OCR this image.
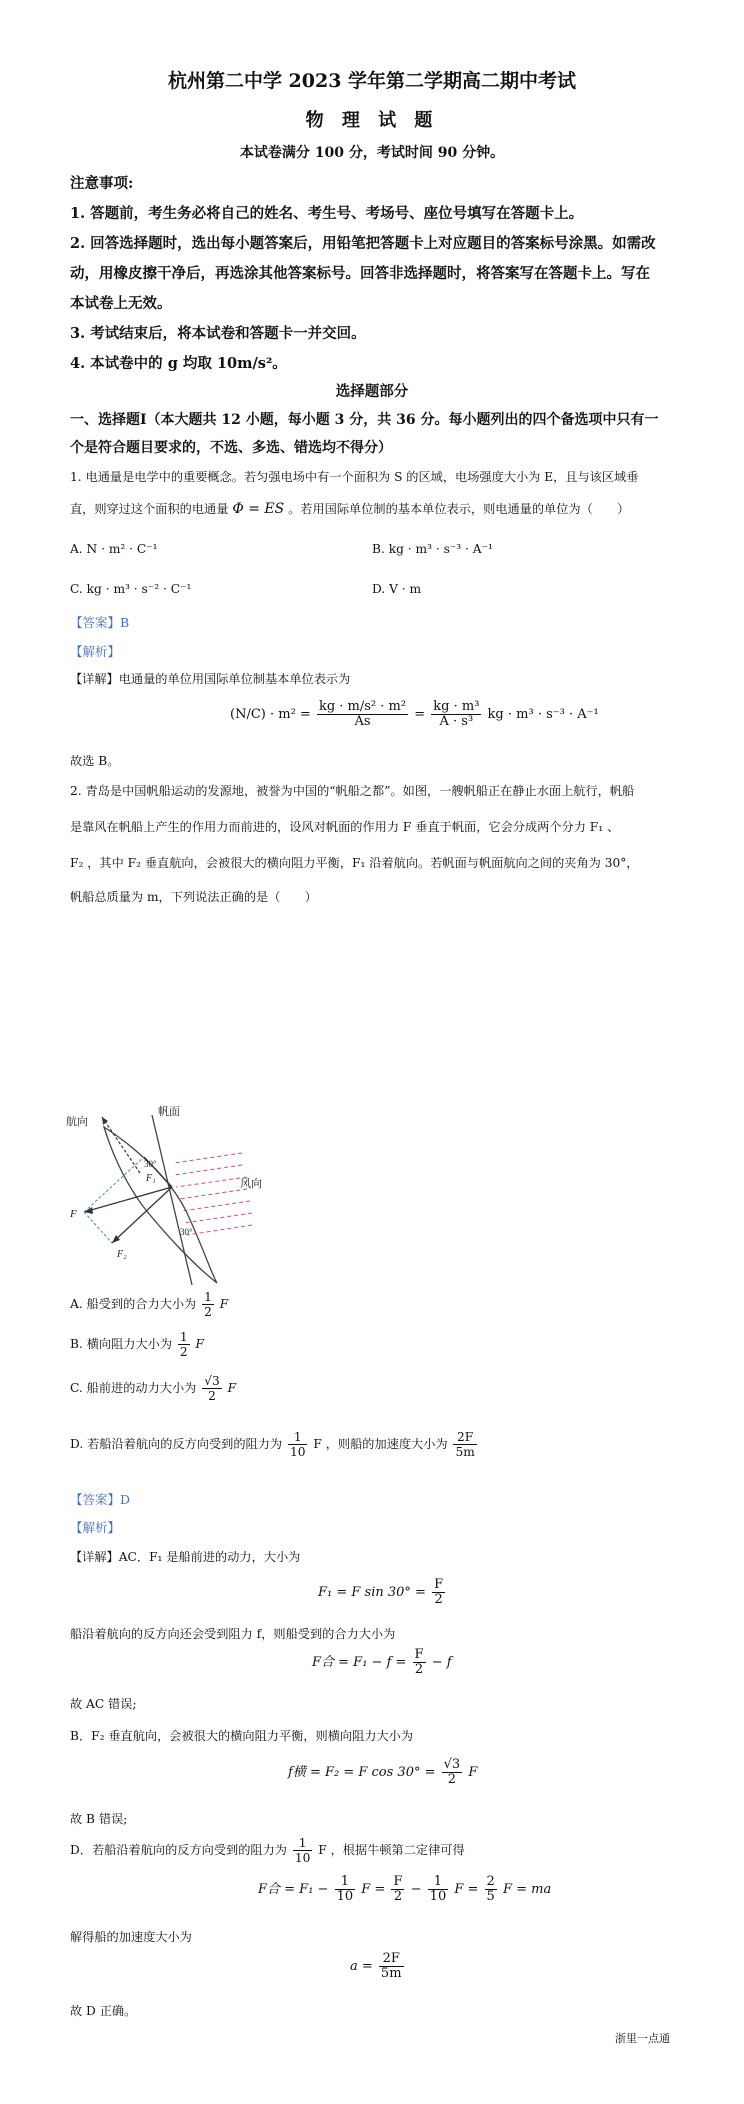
杭州第二中学 2023 学年第二学期高二期中考试
物 理 试 题
本试卷满分 100 分，考试时间 90 分钟。
注意事项:
1. 答题前，考生务必将自己的姓名、考生号、考场号、座位号填写在答题卡上。
2. 回答选择题时，选出每小题答案后，用铅笔把答题卡上对应题目的答案标号涂黑。如需改
动，用橡皮擦干净后，再选涂其他答案标号。回答非选择题时，将答案写在答题卡上。写在
本试卷上无效。
3. 考试结束后，将本试卷和答题卡一并交回。
4. 本试卷中的 g 均取 10m/s²。
选择题部分
一、选择题Ⅰ（本大题共 12 小题，每小题 3 分，共 36 分。每小题列出的四个备选项中只有一
个是符合题目要求的，不选、多选、错选均不得分）
1. 电通量是电学中的重要概念。若匀强电场中有一个面积为 S 的区域，电场强度大小为 E，且与该区域垂
直，则穿过这个面积的电通量 Φ = ES 。若用国际单位制的基本单位表示，则电通量的单位为（　　）
A. N · m² · C⁻¹	B. kg · m³ · s⁻³ · A⁻¹
C. kg · m³ · s⁻² · C⁻¹	D. V · m
【答案】B
【解析】
【详解】电通量的单位用国际单位制基本单位表示为
$(N/C) \cdot m^2 = \frac{\text{kg · m/s² · m²}}{As} = \frac{\text{kg · m³}}{\text{A · s³}}$ kg · m³ · s⁻³ · A⁻¹
故选 B。
2. 青岛是中国帆船运动的发源地，被誉为中国的“帆船之都”。如图，一艘帆船正在静止水面上航行，帆船
是靠风在帆船上产生的作用力而前进的，设风对帆面的作用力 F 垂直于帆面，它会分成两个分力 F₁ 、
F₂ ，其中 F₂ 垂直航向，会被很大的横向阻力平衡，F₁ 沿着航向。若帆面与帆面航向之间的夹角为 30°，
帆船总质量为 m，下列说法正确的是（　　）
航向
帆面
风向
F
F₁
F₂
30°
30°
A. 船受到的合力大小为 $\frac{1}{2}$ F
B. 横向阻力大小为 $\frac{1}{2}$ F
C. 船前进的动力大小为 $\frac{√3}{2}$ F
D. 若船沿着航向的反方向受到的阻力为 $\frac{1}{10}$ F ，则船的加速度大小为 $\frac{2F}{5m}$
【答案】D
【解析】
【详解】AC．F₁ 是船前进的动力，大小为
F₁ = F $\sin 30^\circ = \frac{F}{2}$
船沿着航向的反方向还会受到阻力 f，则船受到的合力大小为
F合 = $F_1 - f = \frac{F}{2} - f$
故 AC 错误;
B．F₂ 垂直航向，会被很大的横向阻力平衡，则横向阻力大小为
f横 = F₂ = F $\cos 30^\circ = \frac{√3}{2}$ F
故 B 错误;
D．若船沿着航向的反方向受到的阻力为 $\frac{1}{10}$ F ，根据牛顿第二定律可得
F合 = $F_1 - \frac{1}{10}$ $F = \frac{F}{2} - \frac{1}{10}$ $F = \frac{2}{5}$ F = ma
解得船的加速度大小为
$a = \frac{2F}{5m}$
故 D 正确。
浙里一点通
